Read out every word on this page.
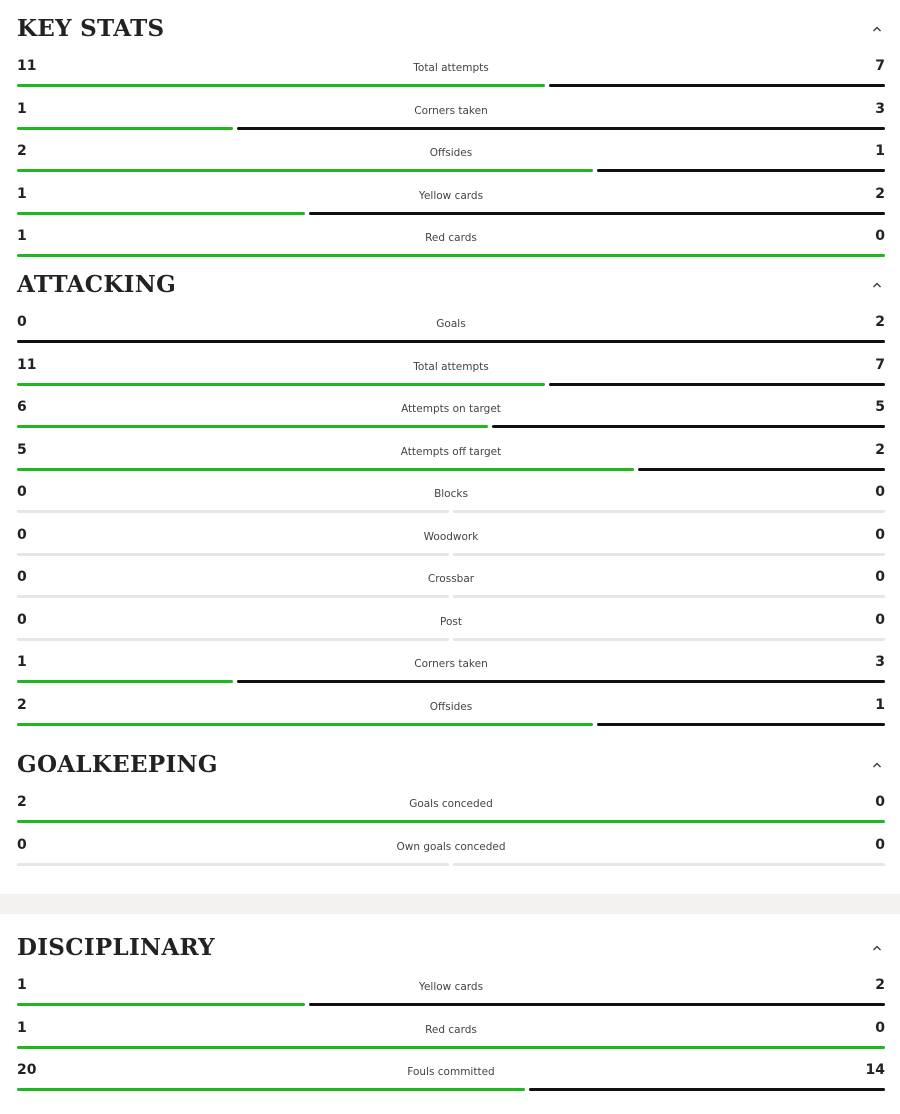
KEY STATS
11	Total attempts	7
1	Corners taken	3
2	Offsides	1
1	Yellow cards	2
1	Red cards	0
ATTACKING
0	Goals	2
11	Total attempts	7
6	Attempts on target	5
5	Attempts off target	2
0	Blocks	0
0	Woodwork	0
0	Crossbar	0
0	Post	0
1	Corners taken	3
2	Offsides	1
GOALKEEPING
2	Goals conceded	0
0	Own goals conceded	0
DISCIPLINARY
1	Yellow cards	2
1	Red cards	0
20	Fouls committed	14
